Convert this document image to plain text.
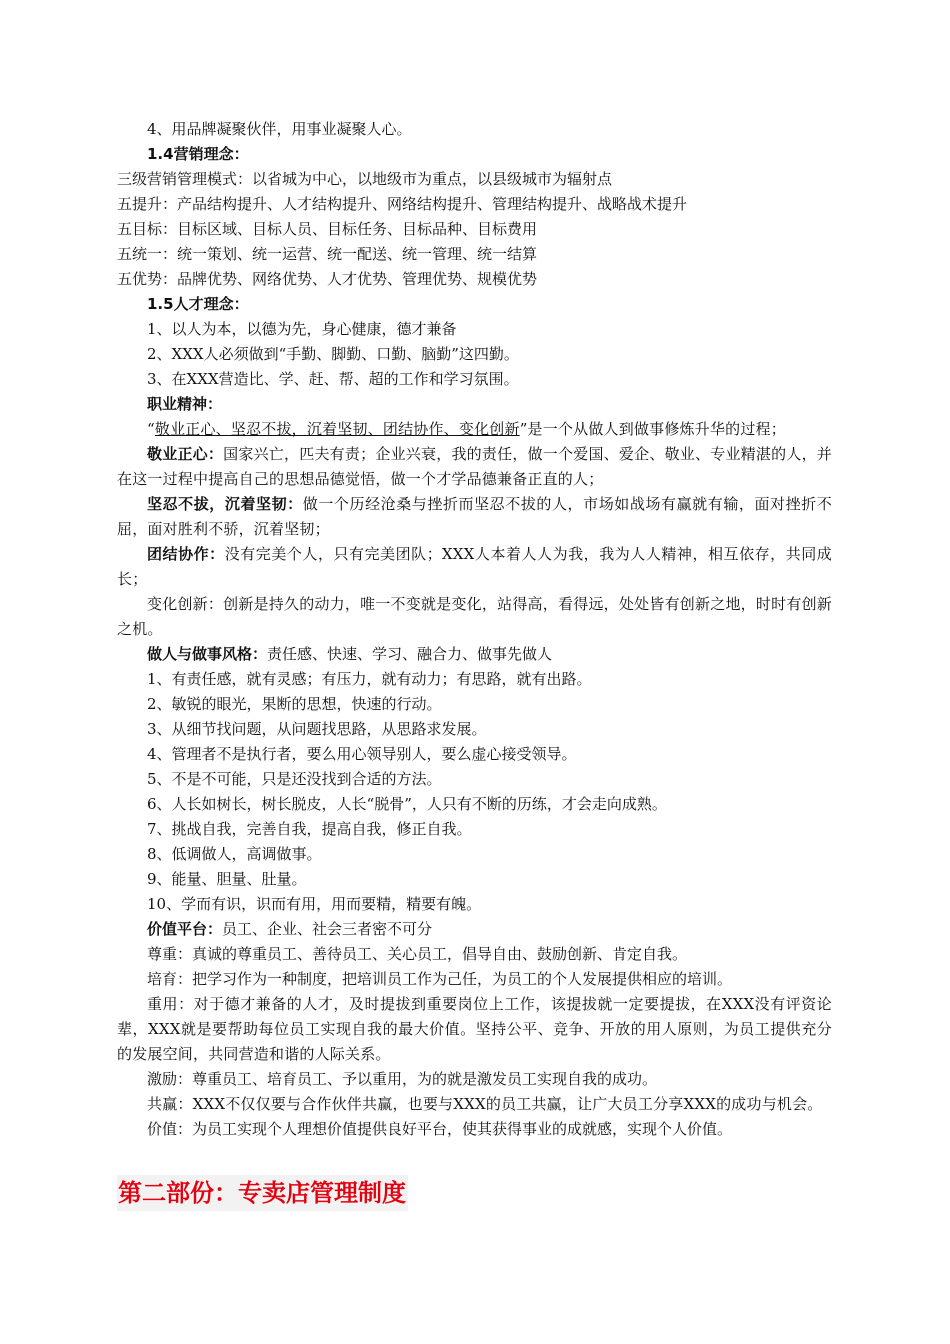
4、用品牌凝聚伙伴，用事业凝聚人心。

1.4营销理念：

三级营销管理模式：以省城为中心，以地级市为重点，以县级城市为辐射点

五提升：产品结构提升、人才结构提升、网络结构提升、管理结构提升、战略战术提升

五目标：目标区域、目标人员、目标任务、目标品种、目标费用

五统一：统一策划、统一运营、统一配送、统一管理、统一结算

五优势：品牌优势、网络优势、人才优势、管理优势、规模优势

1.5人才理念：

1、以人为本，以德为先，身心健康，德才兼备

2、XXX人必须做到“手勤、脚勤、口勤、脑勤”这四勤。

3、在XXX营造比、学、赶、帮、超的工作和学习氛围。

职业精神：

“敬业正心、坚忍不拔，沉着坚韧、团结协作、变化创新”是一个从做人到做事修炼升华的过程；

敬业正心：国家兴亡，匹夫有责；企业兴衰，我的责任，做一个爱国、爱企、敬业、专业精湛的人，并在这一过程中提高自己的思想品德觉悟，做一个才学品德兼备正直的人；

坚忍不拔，沉着坚韧：做一个历经沧桑与挫折而坚忍不拔的人，市场如战场有赢就有输，面对挫折不屈，面对胜利不骄，沉着坚韧；

团结协作：没有完美个人，只有完美团队；XXX人本着人人为我，我为人人精神，相互依存，共同成长；

变化创新：创新是持久的动力，唯一不变就是变化，站得高，看得远，处处皆有创新之地，时时有创新之机。

做人与做事风格：责任感、快速、学习、融合力、做事先做人

1、有责任感，就有灵感；有压力，就有动力；有思路，就有出路。

2、敏锐的眼光，果断的思想，快速的行动。

3、从细节找问题，从问题找思路，从思路求发展。

4、管理者不是执行者，要么用心领导别人，要么虚心接受领导。

5、不是不可能，只是还没找到合适的方法。

6、人长如树长，树长脱皮，人长“脱骨”，人只有不断的历练，才会走向成熟。

7、挑战自我，完善自我，提高自我，修正自我。

8、低调做人，高调做事。

9、能量、胆量、肚量。

10、学而有识，识而有用，用而要精，精要有魄。

价值平台：员工、企业、社会三者密不可分

尊重：真诚的尊重员工、善待员工、关心员工，倡导自由、鼓励创新、肯定自我。

培育：把学习作为一种制度，把培训员工作为己任，为员工的个人发展提供相应的培训。

重用：对于德才兼备的人才，及时提拔到重要岗位上工作，该提拔就一定要提拔，在XXX没有评资论辈，XXX就是要帮助每位员工实现自我的最大价值。坚持公平、竞争、开放的用人原则，为员工提供充分的发展空间，共同营造和谐的人际关系。

激励：尊重员工、培育员工、予以重用，为的就是激发员工实现自我的成功。

共赢：XXX不仅仅要与合作伙伴共赢，也要与XXX的员工共赢，让广大员工分享XXX的成功与机会。

价值：为员工实现个人理想价值提供良好平台，使其获得事业的成就感，实现个人价值。

第二部份：专卖店管理制度
